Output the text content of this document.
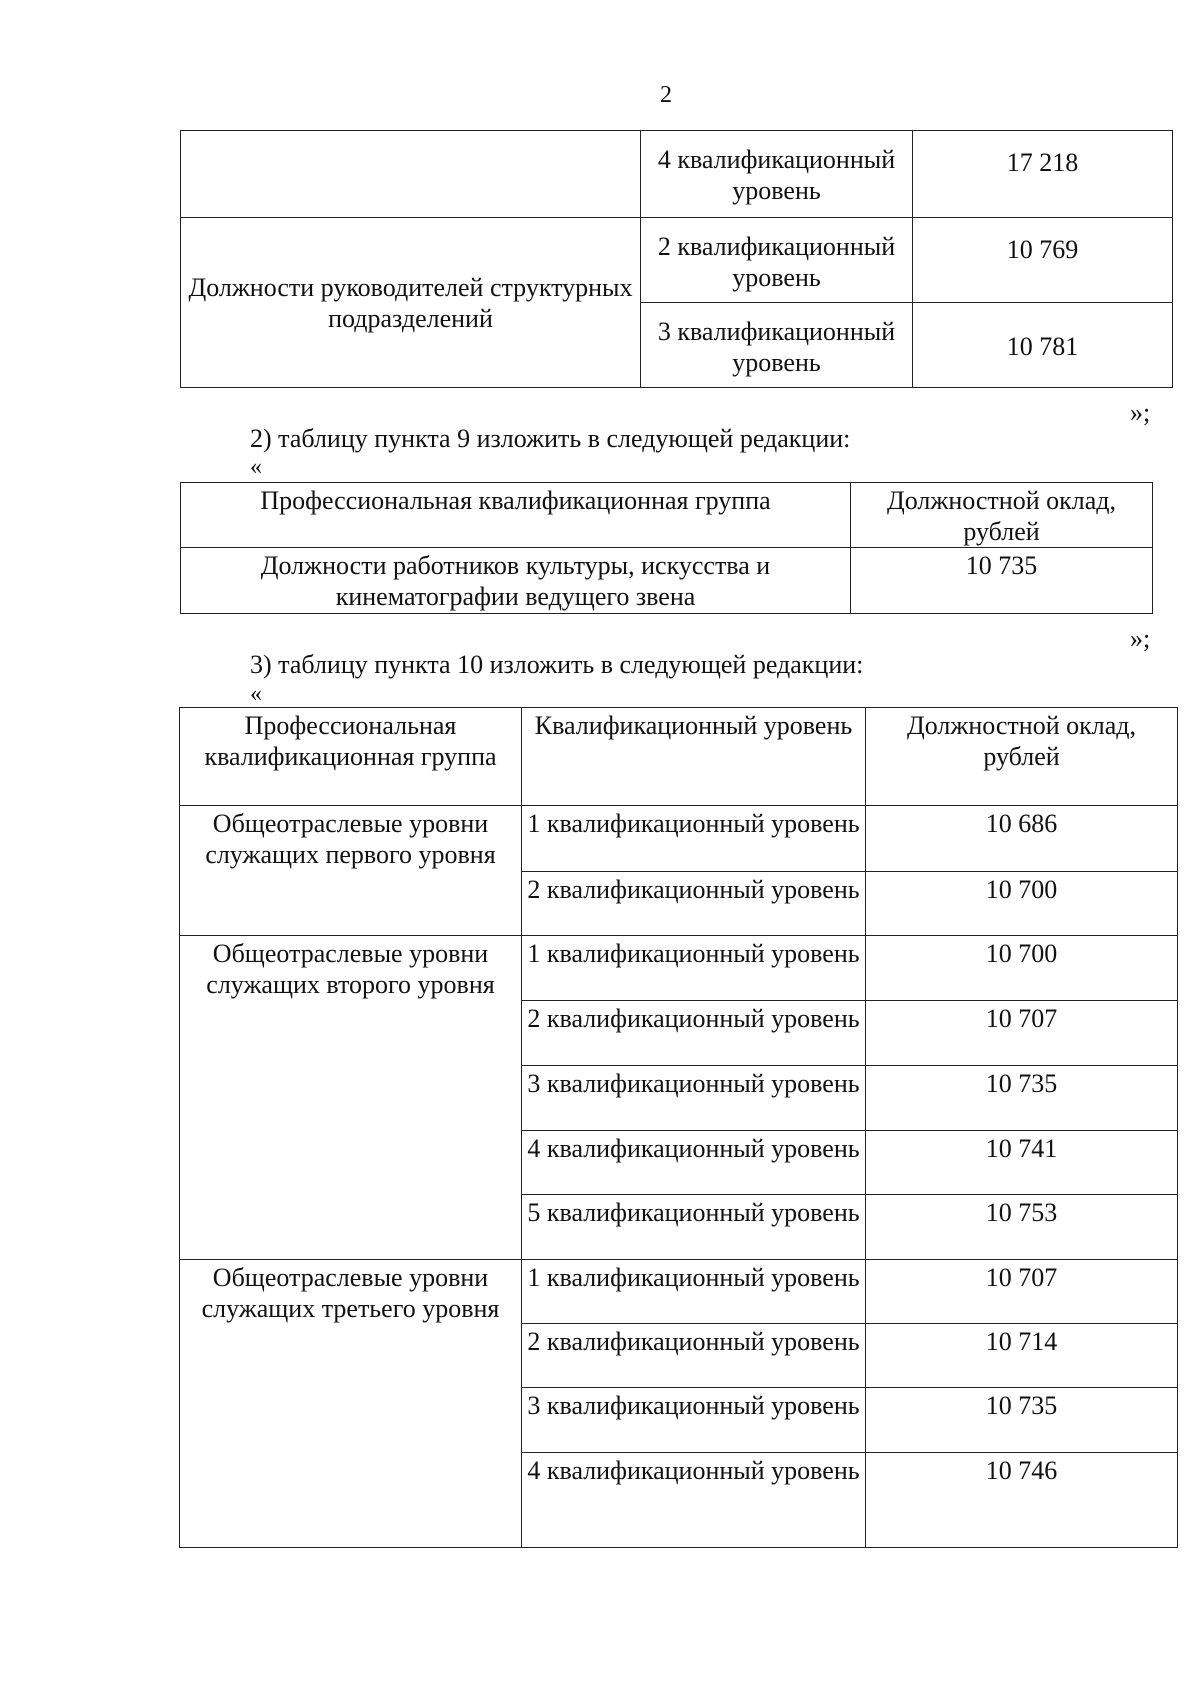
2
	4 квалификационный уровень	17 218
Должности руководителей структурных подразделений	2 квалификационный уровень	10 769
	3 квалификационный уровень	10 781
»;
2) таблицу пункта 9 изложить в следующей редакции:
«
Профессиональная квалификационная группа	Должностной оклад, рублей
Должности работников культуры, искусства и кинематографии ведущего звена	10 735
»;
3) таблицу пункта 10 изложить в следующей редакции:
«
Профессиональная квалификационная группа	Квалификационный уровень	Должностной оклад, рублей
Общеотраслевые уровни служащих первого уровня	1 квалификационный уровень	10 686
	2 квалификационный уровень	10 700
Общеотраслевые уровни служащих второго уровня	1 квалификационный уровень	10 700
	2 квалификационный уровень	10 707
	3 квалификационный уровень	10 735
	4 квалификационный уровень	10 741
	5 квалификационный уровень	10 753
Общеотраслевые уровни служащих третьего уровня	1 квалификационный уровень	10 707
	2 квалификационный уровень	10 714
	3 квалификационный уровень	10 735
	4 квалификационный уровень	10 746
